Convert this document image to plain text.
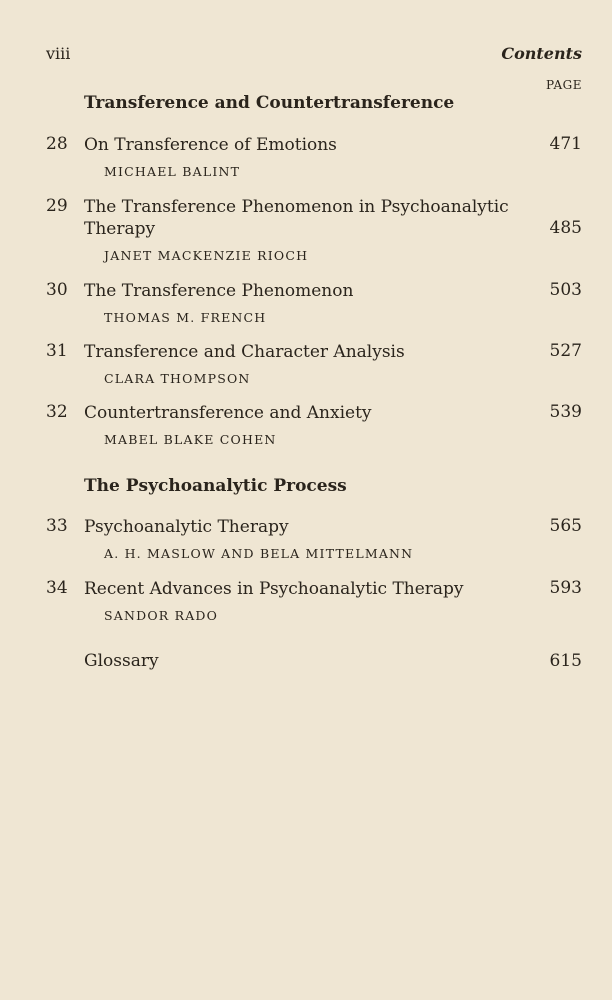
viii	Contents
PAGE
Transference and Countertransference
28 On Transference of Emotions	471
MICHAEL BALINT
29 The Transference Phenomenon in Psychoanalytic
Therapy	485
JANET MACKENZIE RIOCH
30 The Transference Phenomenon	503
THOMAS M. FRENCH
31 Transference and Character Analysis	527
CLARA THOMPSON
32 Countertransference and Anxiety	539
MABEL BLAKE COHEN
The Psychoanalytic Process
33 Psychoanalytic Therapy	565
A. H. MASLOW AND BELA MITTELMANN
34 Recent Advances in Psychoanalytic Therapy	593
SANDOR RADO
Glossary	615
